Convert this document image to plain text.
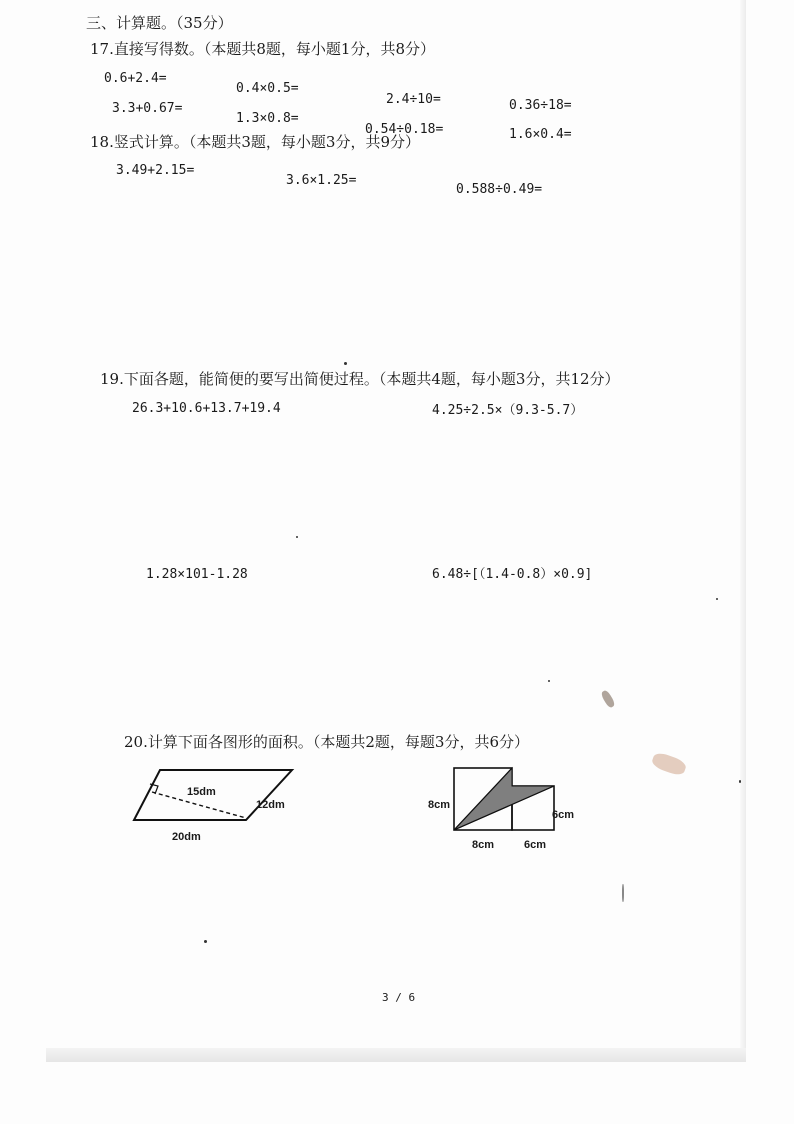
三、计算题。（35分）
17.直接写得数。（本题共8题，每小题1分，共8分）
0.6+2.4=
0.4×0.5=
2.4÷10=
3.3+0.67=
1.3×0.8=
0.54÷0.18=
0.36÷18=
1.6×0.4=
18.竖式计算。（本题共3题，每小题3分，共9分）
3.49+2.15=
3.6×1.25=
0.588÷0.49=
19.下面各题，能简便的要写出简便过程。（本题共4题，每小题3分，共12分）
26.3+10.6+13.7+19.4	4.25÷2.5×（9.3-5.7）
1.28×101-1.28	6.48÷[（1.4-0.8）×0.9]
20.计算下面各图形的面积。（本题共2题，每题3分，共6分）
15dm
12dm
20dm
8cm
6cm
8cm	6cm
3 / 6
